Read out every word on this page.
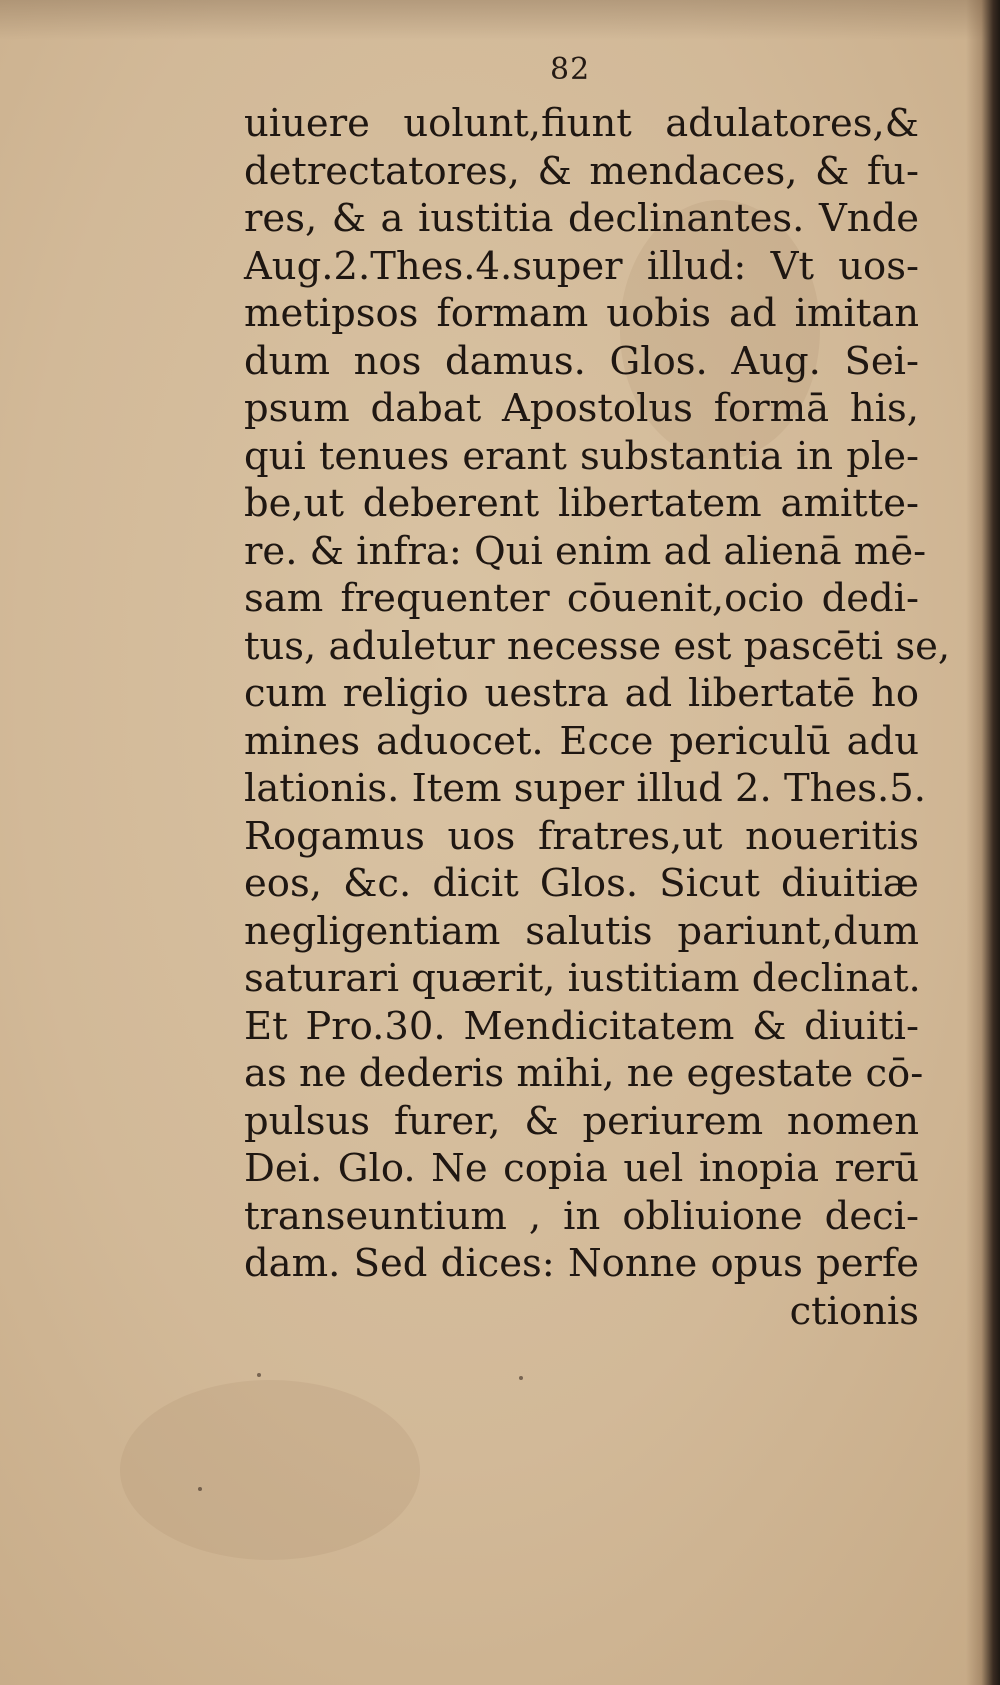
82
uiuere uolunt,fiunt adulatores,&
detrectatores, & mendaces, & fu-
res, & a iustitia declinantes. Vnde
Aug.2.Thes.4.super illud: Vt uos-
metipsos formam uobis ad imitan
dum nos damus. Glos. Aug. Sei-
psum dabat Apostolus formā his,
qui tenues erant substantia in ple-
be,ut deberent libertatem amitte-
re. & infra: Qui enim ad alienā mē-
sam frequenter cōuenit,ocio dedi-
tus, aduletur necesse est pascēti se,
cum religio uestra ad libertatē ho
mines aduocet. Ecce periculū adu
lationis. Item super illud 2. Thes.5.
Rogamus uos fratres,ut noueritis
eos, &c. dicit Glos. Sicut diuitiæ
negligentiam salutis pariunt,dum
saturari quærit, iustitiam declinat.
Et Pro.30. Mendicitatem & diuiti-
as ne dederis mihi, ne egestate cō-
pulsus furer, & periurem nomen
Dei. Glo. Ne copia uel inopia rerū
transeuntium , in obliuione deci-
dam. Sed dices: Nonne opus perfe
ctionis
